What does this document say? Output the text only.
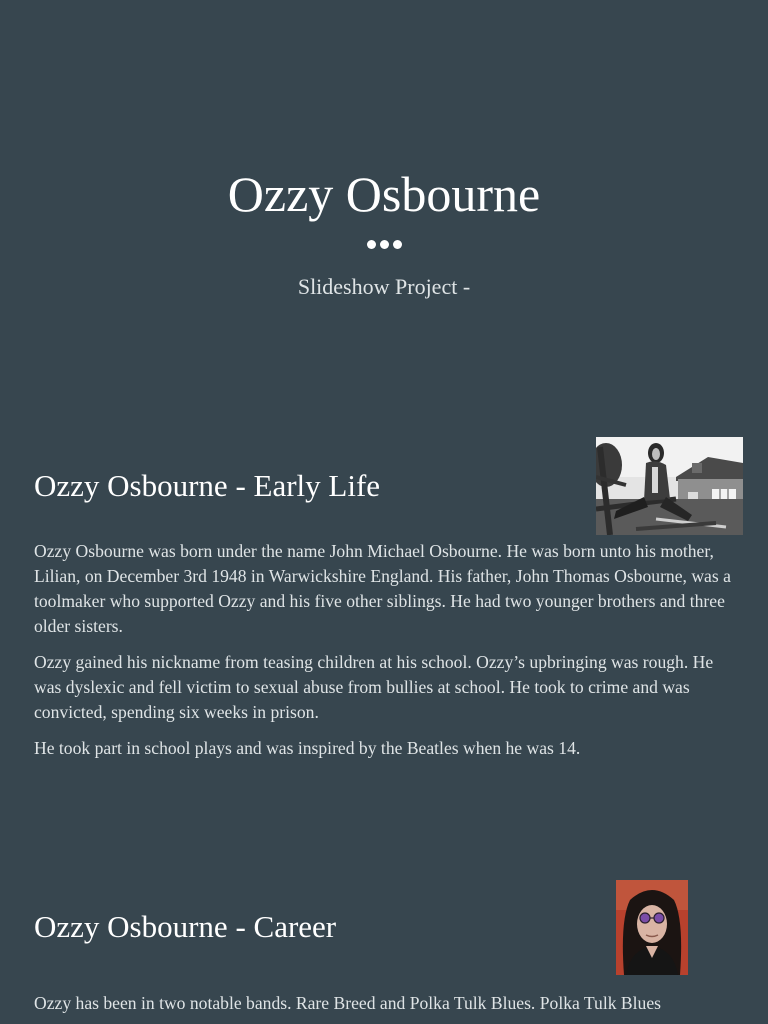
Ozzy Osbourne
Slideshow Project -
Ozzy Osbourne - Early Life

Ozzy Osbourne was born under the name John Michael Osbourne. He was born unto his mother, Lilian, on December 3rd 1948 in Warwickshire England. His father, John Thomas Osbourne, was a toolmaker who supported Ozzy and his five other siblings. He had two younger brothers and three older sisters.

Ozzy gained his nickname from teasing children at his school. Ozzy’s upbringing was rough. He was dyslexic and fell victim to sexual abuse from bullies at school. He took to crime and was convicted, spending six weeks in prison.

He took part in school plays and was inspired by the Beatles when he was 14.

Ozzy Osbourne - Career

Ozzy has been in two notable bands. Rare Breed and Polka Tulk Blues. Polka Tulk Blues
